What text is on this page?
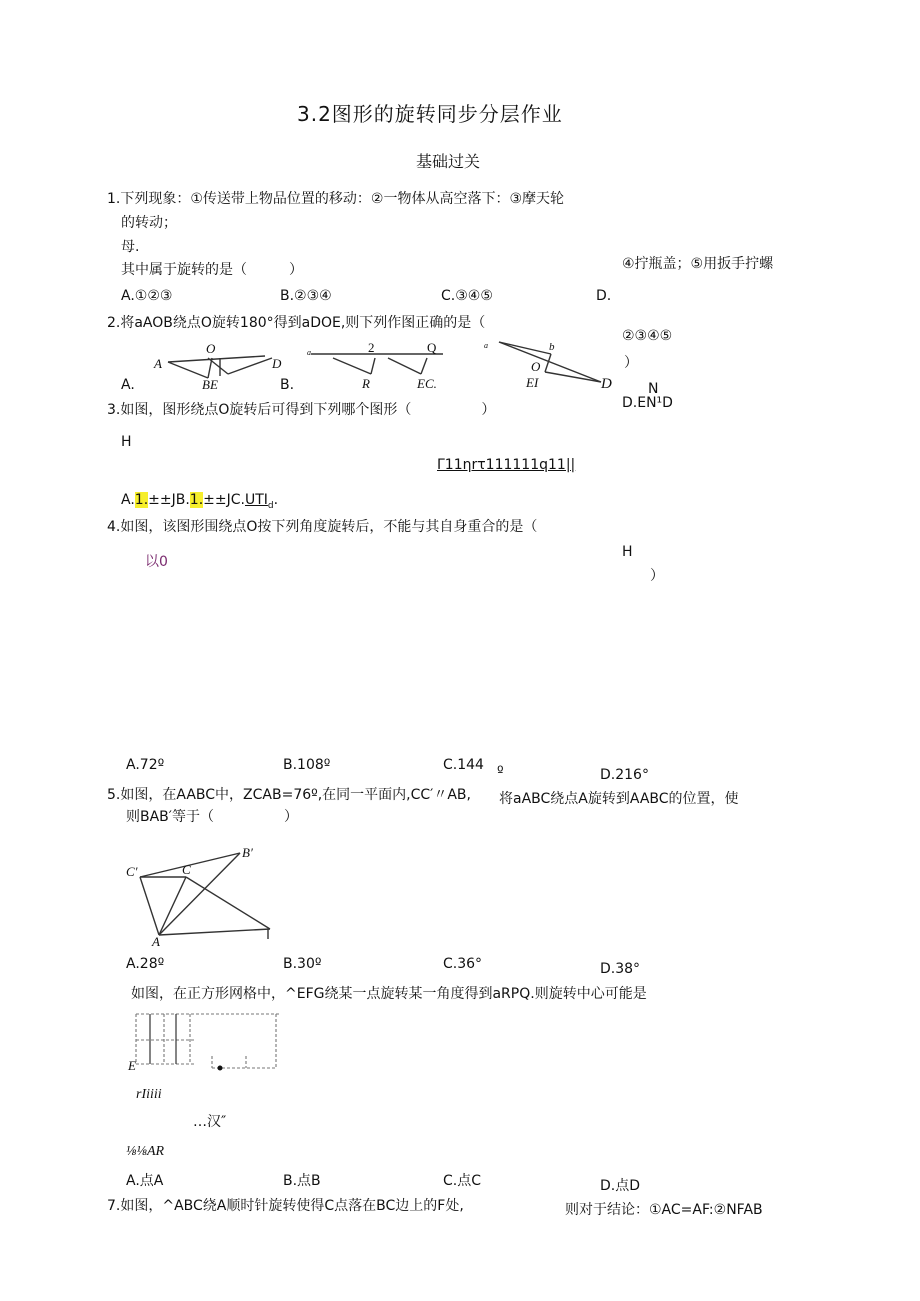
3.2图形的旋转同步分层作业
基础过关
1.下列现象：①传送带上物品位置的移动：②一物体从高空落下：③摩天轮
的转动；
母.
其中属于旋转的是（　　　）	④拧瓶盖；⑤用扳手拧螺
A.①②③	B.②③④	C.③④⑤	D.
2.将aAOB绕点O旋转180°得到aDOE,则下列作图正确的是（
②③④⑤
）
O
A	D
BE
A.
a	2	Q
R	EC.
B.
a	b
O
EI	D	N
D.EN¹D
3.如图，图形绕点O旋转后可得到下列哪个图形（　　　　　）
H
Γ11ηrτ111111q11||
$A.1.\pm\pm JB.1.\pm\pm JC.UTI_d$.
4.如图，该图形围绕点O按下列角度旋转后，不能与其自身重合的是（
H
）
以0
A.72º	B.108º	C.144 º	D.216°
5.如图，在AABC中，ZCAB=76º,在同一平面内,CC′〃AB, 将aABC绕点A旋转到AABC的位置，使
则BAB′等于（　　　　　）
C′	C
B′
A
A.28º	B.30º	C.36°	D.38°
如图，在正方形网格中，^EFG绕某一点旋转某一角度得到aRPQ.则旋转中心可能是
E
rIiiii
…汉″
⅛⅛AR
A.点A	B.点B	C.点C	D.点D
7.如图，^ABC绕A顺时针旋转使得C点落在BC边上的F处,	则对于结论：①AC=AF:②NFAB
